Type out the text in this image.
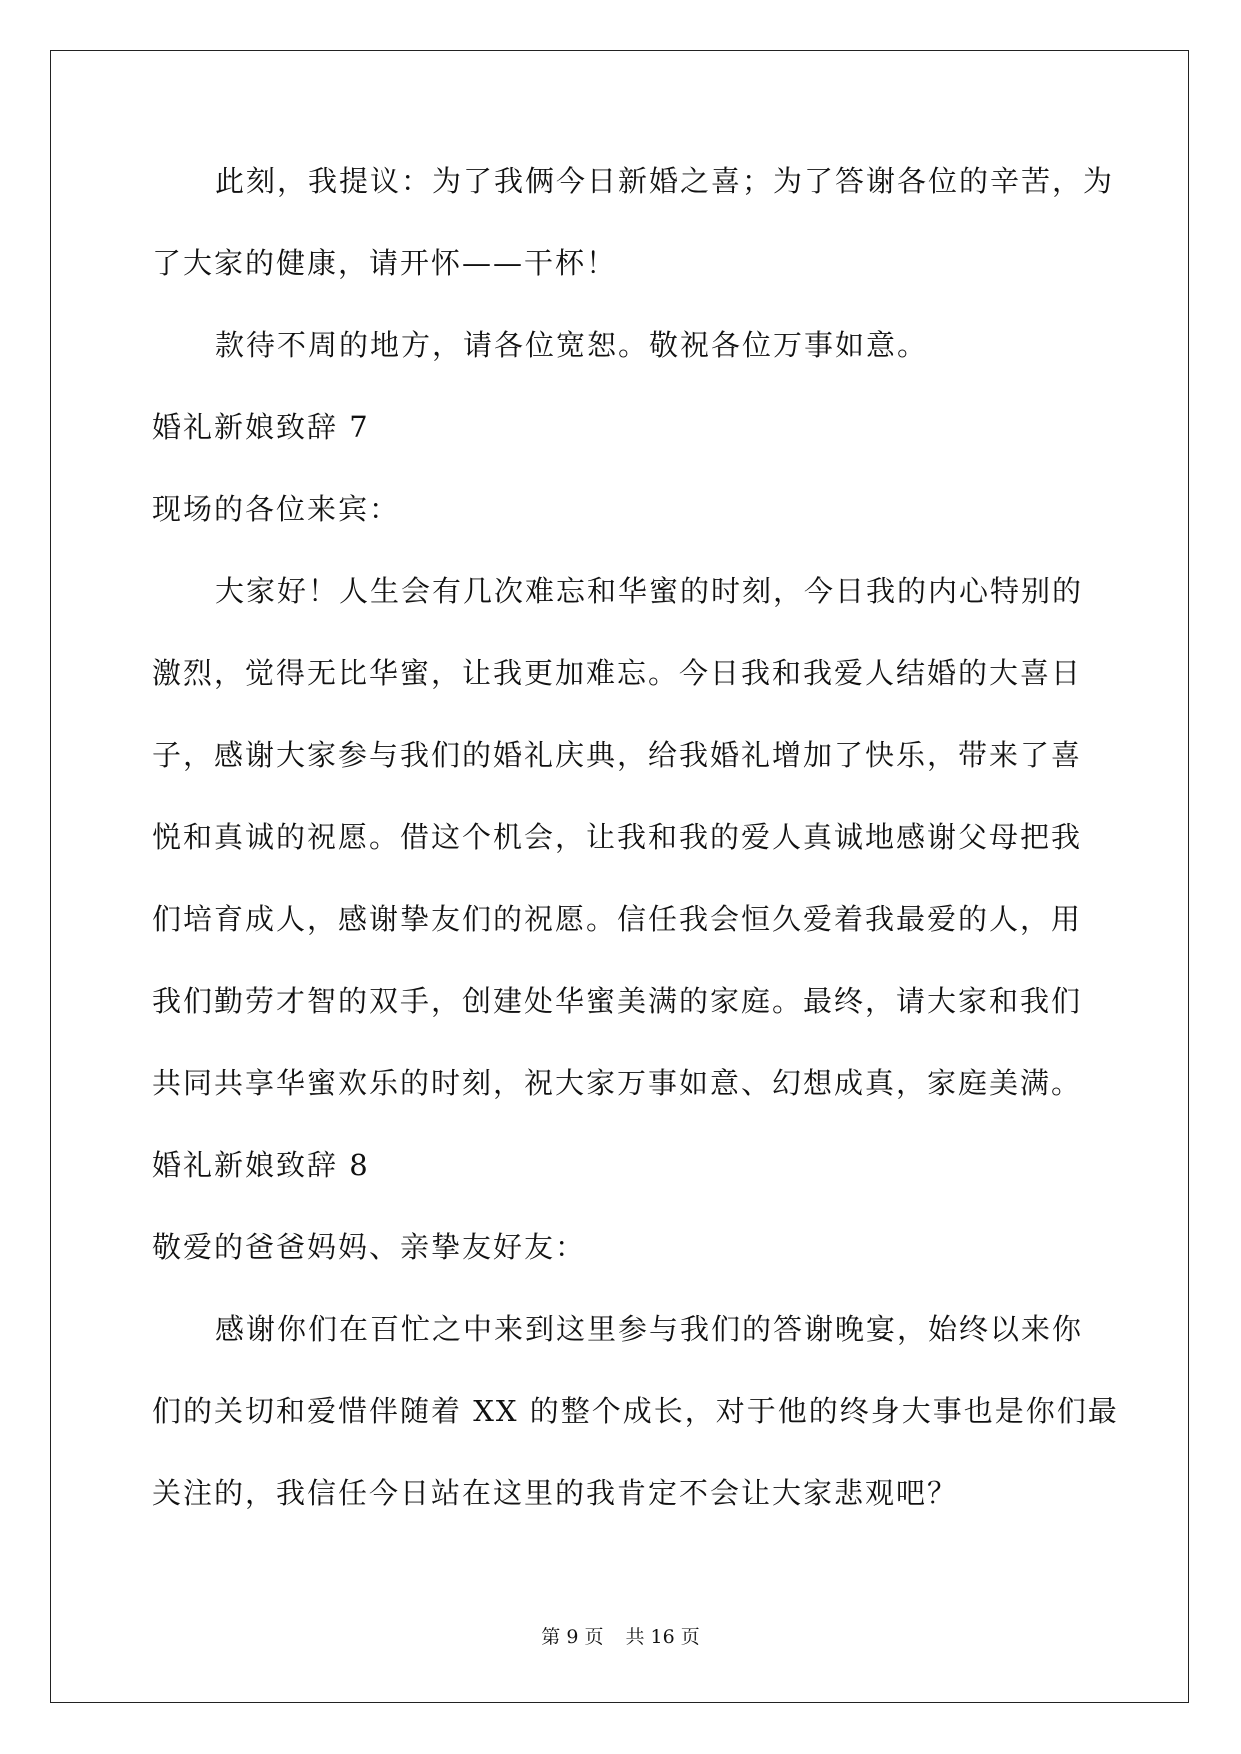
此刻，我提议：为了我俩今日新婚之喜；为了答谢各位的辛苦，为
了大家的健康，请开怀——干杯！
款待不周的地方，请各位宽恕。敬祝各位万事如意。
婚礼新娘致辞 7
现场的各位来宾：
大家好！人生会有几次难忘和华蜜的时刻，今日我的内心特别的
激烈，觉得无比华蜜，让我更加难忘。今日我和我爱人结婚的大喜日
子，感谢大家参与我们的婚礼庆典，给我婚礼增加了快乐，带来了喜
悦和真诚的祝愿。借这个机会，让我和我的爱人真诚地感谢父母把我
们培育成人，感谢挚友们的祝愿。信任我会恒久爱着我最爱的人，用
我们勤劳才智的双手，创建处华蜜美满的家庭。最终，请大家和我们
共同共享华蜜欢乐的时刻，祝大家万事如意、幻想成真，家庭美满。
婚礼新娘致辞 8
敬爱的爸爸妈妈、亲挚友好友：
感谢你们在百忙之中来到这里参与我们的答谢晚宴，始终以来你
们的关切和爱惜伴随着 XX 的整个成长，对于他的终身大事也是你们最
关注的，我信任今日站在这里的我肯定不会让大家悲观吧？
第 9 页 共 16 页
